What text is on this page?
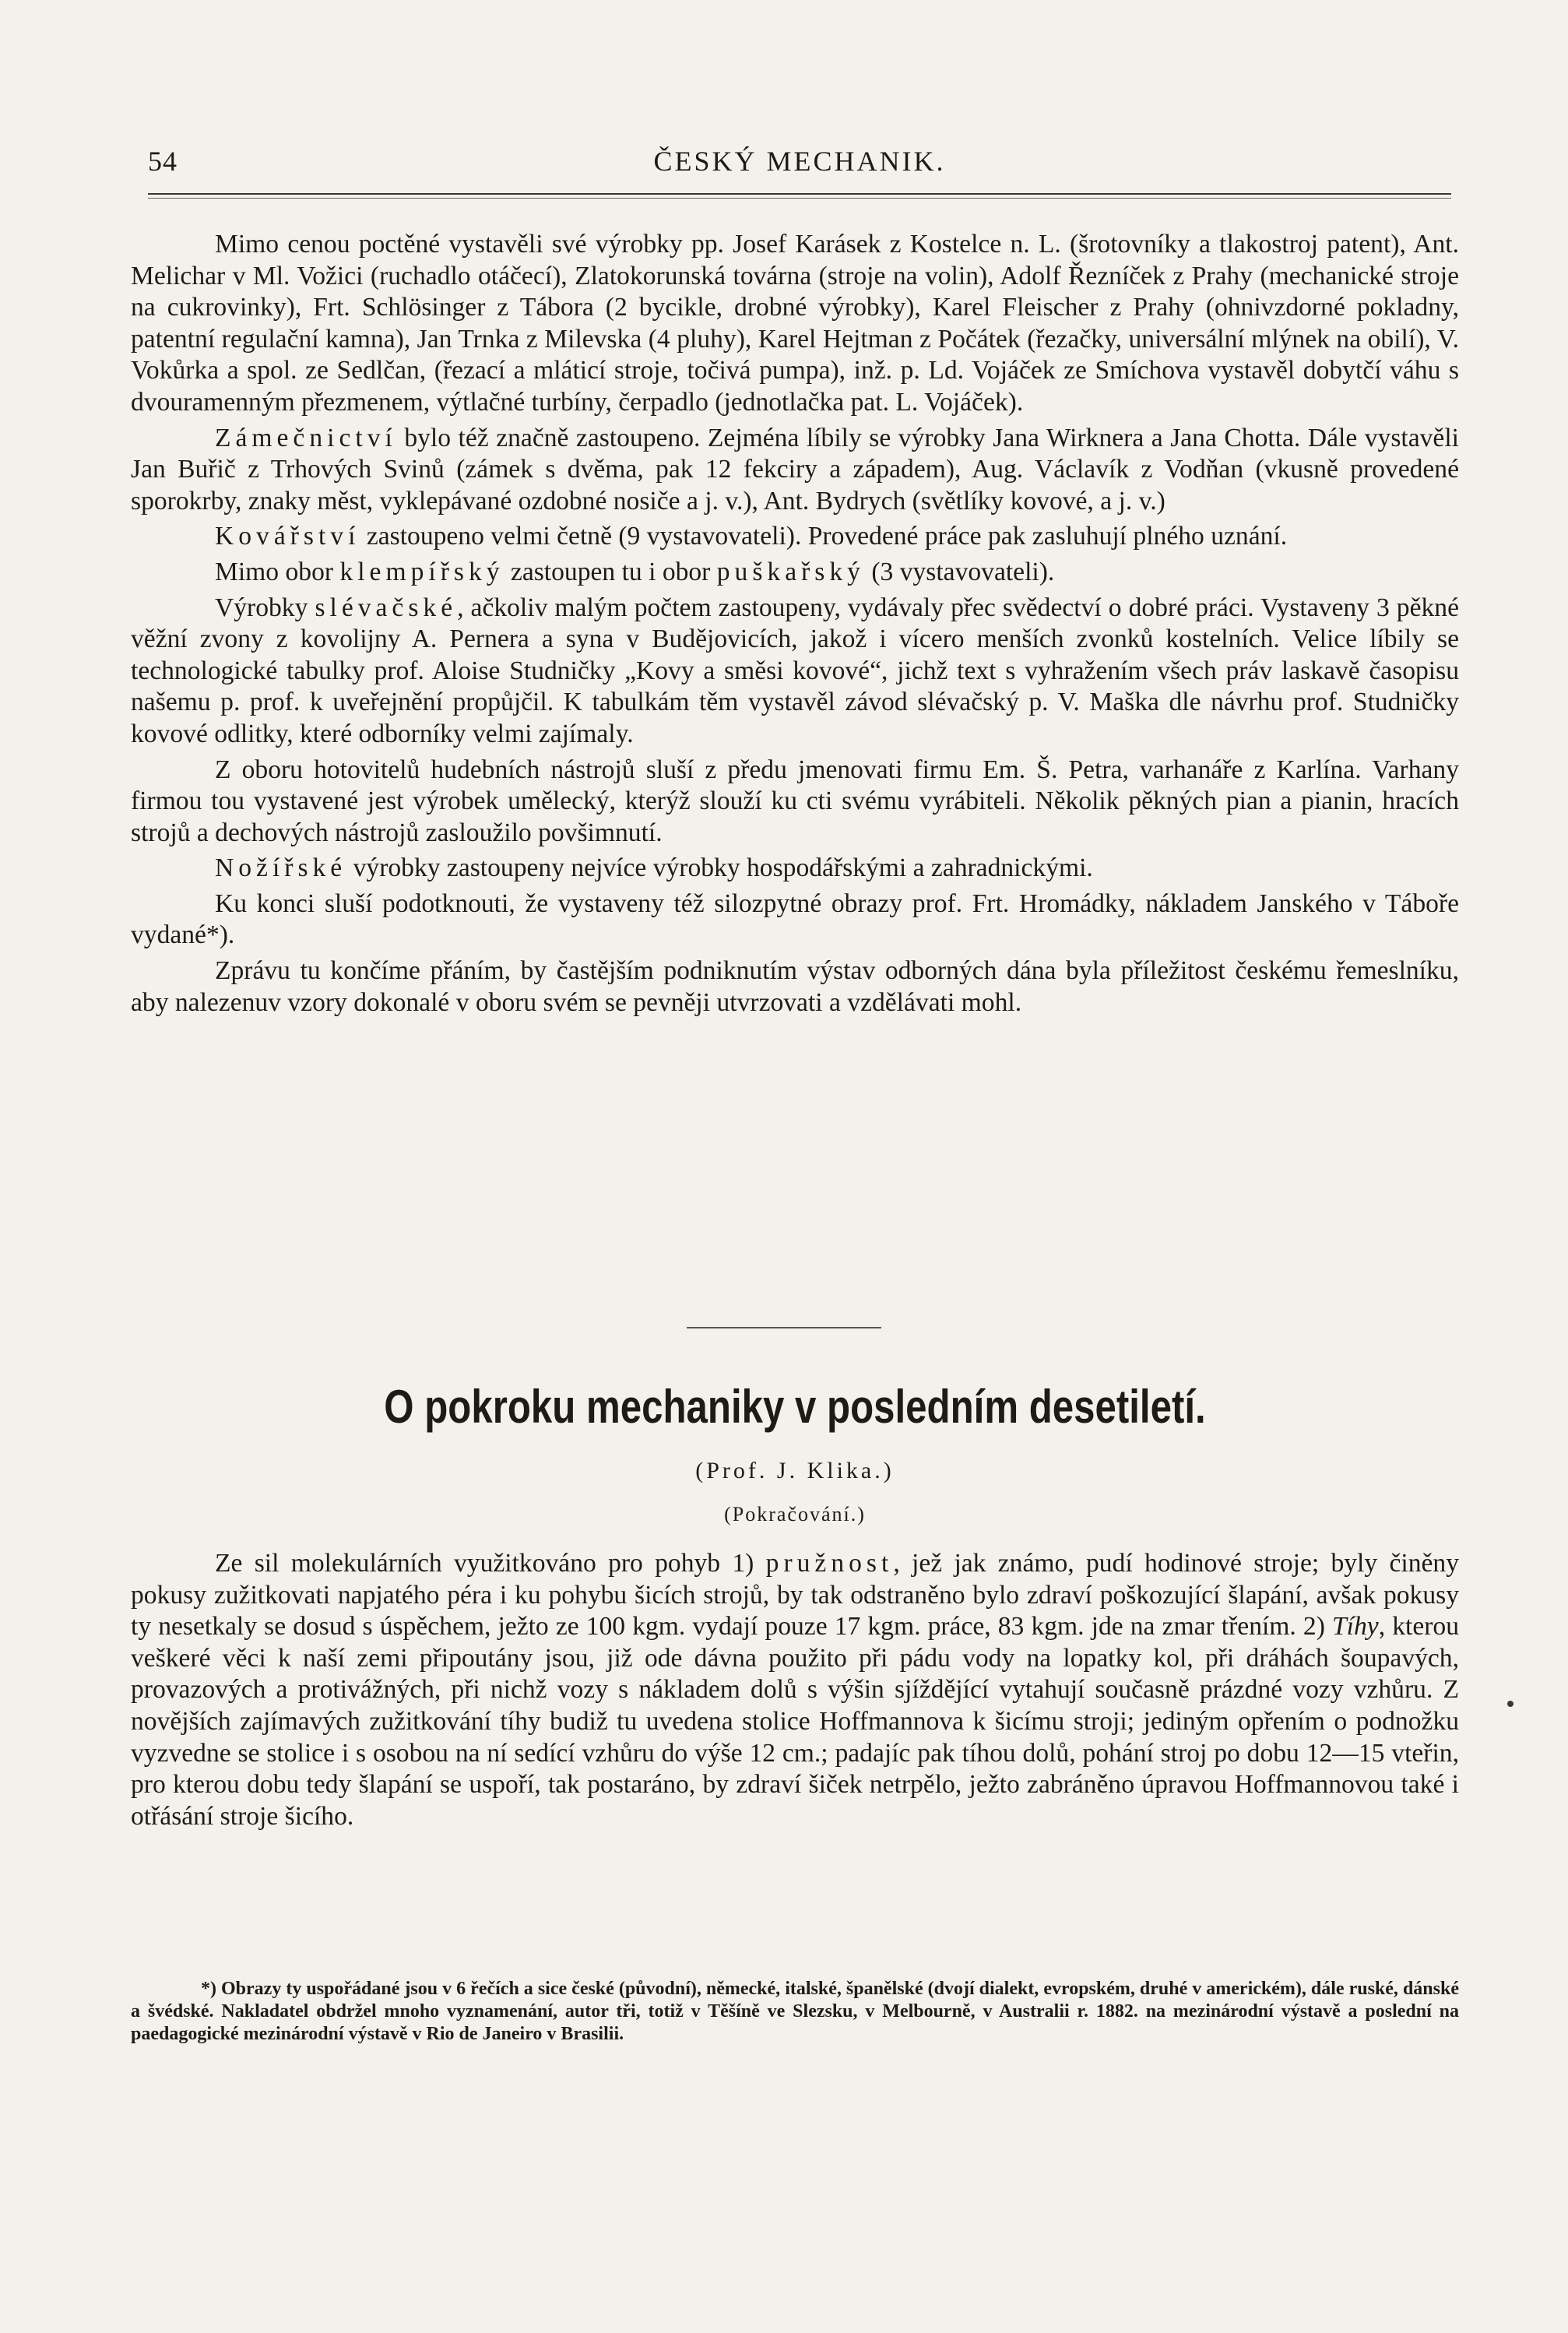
54	ČESKÝ MECHANIK.

Mimo cenou poctěné vystavěli své výrobky pp. Josef Karásek z Kostelce n. L. (šrotovníky a tlakostroj patent), Ant. Melichar v Ml. Vožici (ruchadlo otáčecí), Zlatokorunská továrna (stroje na volin), Adolf Řezníček z Prahy (mechanické stroje na cukrovinky), Frt. Schlösinger z Tábora (2 bycikle, drobné výrobky), Karel Fleischer z Prahy (ohnivzdorné pokladny, patentní regulační kamna), Jan Trnka z Milevska (4 pluhy), Karel Hejtman z Počátek (řezačky, universální mlýnek na obilí), V. Vokůrka a spol. ze Sedlčan, (řezací a mláticí stroje, točivá pumpa), inž. p. Ld. Vojáček ze Smíchova vystavěl dobytčí váhu s dvouramenným přezmenem, výtlačné turbíny, čerpadlo (jednotlačka pat. L. Vojáček).

Zámečnictví bylo též značně zastoupeno. Zejména líbily se výrobky Jana Wirknera a Jana Chotta. Dále vystavěli Jan Buřič z Trhových Svinů (zámek s dvěma, pak 12 fekciry a západem), Aug. Václavík z Vodňan (vkusně provedené sporokrby, znaky měst, vyklepávané ozdobné nosiče a j. v.), Ant. Bydrych (světlíky kovové, a j. v.)

Kovářství zastoupeno velmi četně (9 vystavovateli). Provedené práce pak zasluhují plného uznání.

Mimo obor klempířský zastoupen tu i obor puškařský (3 vystavovateli).

Výrobky slévačské, ačkoliv malým počtem zastoupeny, vydávaly přec svědectví o dobré práci. Vystaveny 3 pěkné věžní zvony z kovolijny A. Pernera a syna v Budějovicích, jakož i vícero menších zvonků kostelních. Velice líbily se technologické tabulky prof. Aloise Studničky „Kovy a směsi kovové“, jichž text s vyhražením všech práv laskavě časopisu našemu p. prof. k uveřejnění propůjčil. K tabulkám těm vystavěl závod slévačský p. V. Maška dle návrhu prof. Studničky kovové odlitky, které odborníky velmi zajímaly.

Z oboru hotovitelů hudebních nástrojů sluší z předu jmenovati firmu Em. Š. Petra, varhanáře z Karlína. Varhany firmou tou vystavené jest výrobek umělecký, kterýž slouží ku cti svému vyrábiteli. Několik pěkných pian a pianin, hracích strojů a dechových nástrojů zasloužilo povšimnutí.

Nožířské výrobky zastoupeny nejvíce výrobky hospodářskými a zahradnickými.

Ku konci sluší podotknouti, že vystaveny též silozpytné obrazy prof. Frt. Hromádky, nákladem Janského v Táboře vydané*).

Zprávu tu končíme přáním, by častějším podniknutím výstav odborných dána byla příležitost českému řemeslníku, aby nalezenuv vzory dokonalé v oboru svém se pevněji utvrzovati a vzdělávati mohl.

O pokroku mechaniky v posledním desetiletí.
(Prof. J. Klika.)
(Pokračování.)

Ze sil molekulárních využitkováno pro pohyb 1) pružnost, jež jak známo, pudí hodinové stroje; byly činěny pokusy zužitkovati napjatého péra i ku pohybu šicích strojů, by tak odstraněno bylo zdraví poškozující šlapání, avšak pokusy ty nesetkaly se dosud s úspěchem, ježto ze 100 kgm. vydají pouze 17 kgm. práce, 83 kgm. jde na zmar třením. 2) Tíhy, kterou veškeré věci k naší zemi připoutány jsou, již ode dávna použito při pádu vody na lopatky kol, při dráhách šoupavých, provazových a protivážných, při nichž vozy s nákladem dolů s výšin sjíždějící vytahují současně prázdné vozy vzhůru. Z novějších zajímavých zužitkování tíhy budiž tu uvedena stolice Hoffmannova k šicímu stroji; jediným opřením o podnožku vyzvedne se stolice i s osobou na ní sedící vzhůru do výše 12 cm.; padajíc pak tíhou dolů, pohání stroj po dobu 12—15 vteřin, pro kterou dobu tedy šlapání se uspoří, tak postaráno, by zdraví šiček netrpělo, ježto zabráněno úpravou Hoffmannovou také i otřásání stroje šicího.

*) Obrazy ty uspořádané jsou v 6 řečích a sice české (původní), německé, italské, španělské (dvojí dialekt, evropském, druhé v americkém), dále ruské, dánské a švédské. Nakladatel obdržel mnoho vyznamenání, autor tři, totiž v Těšíně ve Slezsku, v Melbourně, v Australii r. 1882. na mezinárodní výstavě a poslední na paedagogické mezinárodní výstavě v Rio de Janeiro v Brasilii.
